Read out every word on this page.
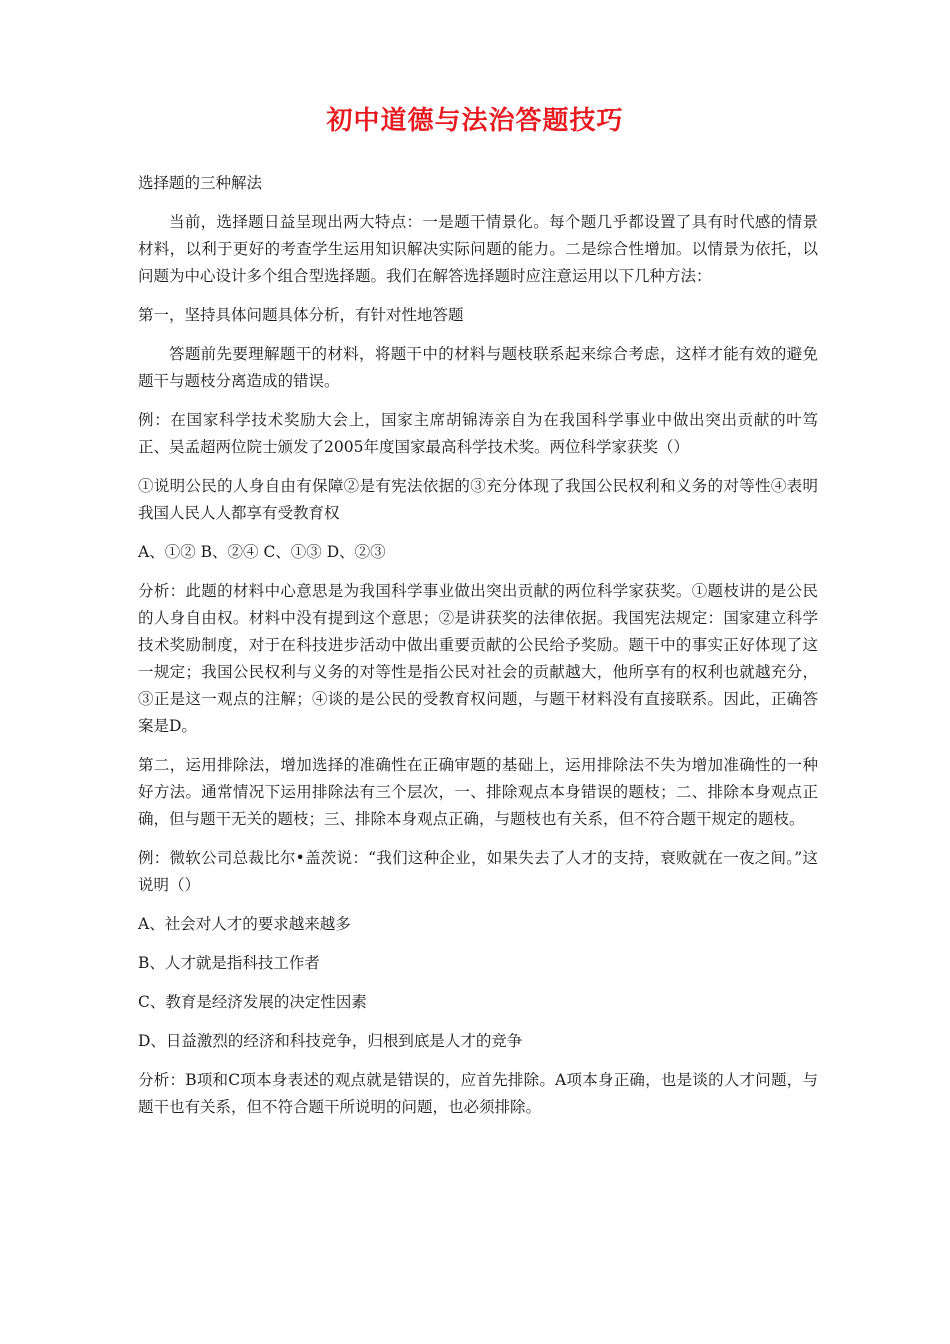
初中道德与法治答题技巧

选择题的三种解法

当前，选择题日益呈现出两大特点：一是题干情景化。每个题几乎都设置了具有时代感的情景材料，以利于更好的考查学生运用知识解决实际问题的能力。二是综合性增加。以情景为依托，以问题为中心设计多个组合型选择题。我们在解答选择题时应注意运用以下几种方法：

第一，坚持具体问题具体分析，有针对性地答题

答题前先要理解题干的材料，将题干中的材料与题枝联系起来综合考虑，这样才能有效的避免题干与题枝分离造成的错误。

例：在国家科学技术奖励大会上，国家主席胡锦涛亲自为在我国科学事业中做出突出贡献的叶笃正、吴孟超两位院士颁发了2005年度国家最高科学技术奖。两位科学家获奖（）

①说明公民的人身自由有保障②是有宪法依据的③充分体现了我国公民权利和义务的对等性④表明我国人民人人都享有受教育权

A、①② B、②④ C、①③ D、②③

分析：此题的材料中心意思是为我国科学事业做出突出贡献的两位科学家获奖。①题枝讲的是公民的人身自由权。材料中没有提到这个意思；②是讲获奖的法律依据。我国宪法规定：国家建立科学技术奖励制度，对于在科技进步活动中做出重要贡献的公民给予奖励。题干中的事实正好体现了这一规定；我国公民权利与义务的对等性是指公民对社会的贡献越大，他所享有的权利也就越充分，③正是这一观点的注解；④谈的是公民的受教育权问题，与题干材料没有直接联系。因此，正确答案是D。

第二，运用排除法，增加选择的准确性在正确审题的基础上，运用排除法不失为增加准确性的一种好方法。通常情况下运用排除法有三个层次，一、排除观点本身错误的题枝；二、排除本身观点正确，但与题干无关的题枝；三、排除本身观点正确，与题枝也有关系，但不符合题干规定的题枝。

例：微软公司总裁比尔•盖茨说：“我们这种企业，如果失去了人才的支持，衰败就在一夜之间。”这说明（）

A、社会对人才的要求越来越多

B、人才就是指科技工作者

C、教育是经济发展的决定性因素

D、日益激烈的经济和科技竞争，归根到底是人才的竞争

分析：B项和C项本身表述的观点就是错误的，应首先排除。A项本身正确，也是谈的人才问题，与题干也有关系，但不符合题干所说明的问题，也必须排除。
